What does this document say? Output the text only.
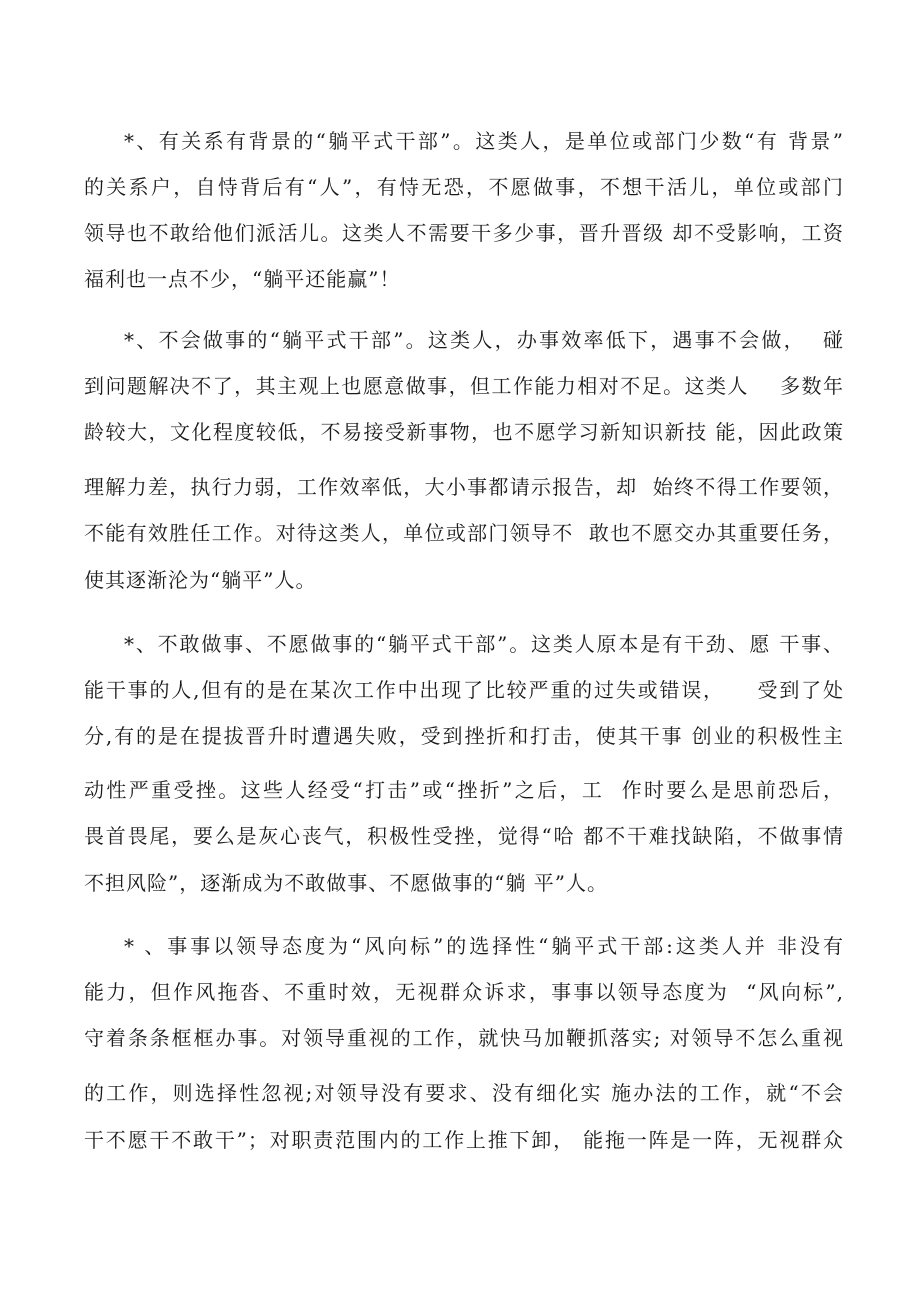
*、有关系有背景的“躺平式干部”。这类人，是单位或部门少数“有 背景”
的关系户，自恃背后有“人”，有恃无恐，不愿做事，不想干活儿，单位或部门
领导也不敢给他们派活儿。这类人不需要干多少事，晋升晋级 却不受影响，工资
福利也一点不少，“躺平还能赢”！
*、不会做事的“躺平式干部”。这类人，办事效率低下，遇事不会做，  碰
到问题解决不了，其主观上也愿意做事，但工作能力相对不足。这类人    多数年
龄较大，文化程度较低，不易接受新事物，也不愿学习新知识新技 能，因此政策
理解力差，执行力弱，工作效率低，大小事都请示报告，却  始终不得工作要领，
不能有效胜任工作。对待这类人，单位或部门领导不  敢也不愿交办其重要任务，
使其逐渐沦为“躺平”人。
*、不敢做事、不愿做事的“躺平式干部”。这类人原本是有干劲、愿 干事、
能干事的人,但有的是在某次工作中出现了比较严重的过失或错误，    受到了处
分,有的是在提拔晋升时遭遇失败，受到挫折和打击，使其干事 创业的积极性主
动性严重受挫。这些人经受“打击”或“挫折”之后，工  作时要么是思前恐后，
畏首畏尾，要么是灰心丧气，积极性受挫，觉得“哈 都不干难找缺陷，不做事情
不担风险”，逐渐成为不敢做事、不愿做事的“躺 平”人。
* 、事事以领导态度为“风向标”的选择性“躺平式干部:这类人并 非没有
能力，但作风拖沓、不重时效，无视群众诉求，事事以领导态度为  “风向标”,
守着条条框框办事。对领导重视的工作，就快马加鞭抓落实; 对领导不怎么重视
的工作，则选择性忽视;对领导没有要求、没有细化实 施办法的工作，就“不会
干不愿干不敢干”；对职责范围内的工作上推下卸， 能拖一阵是一阵，无视群众
